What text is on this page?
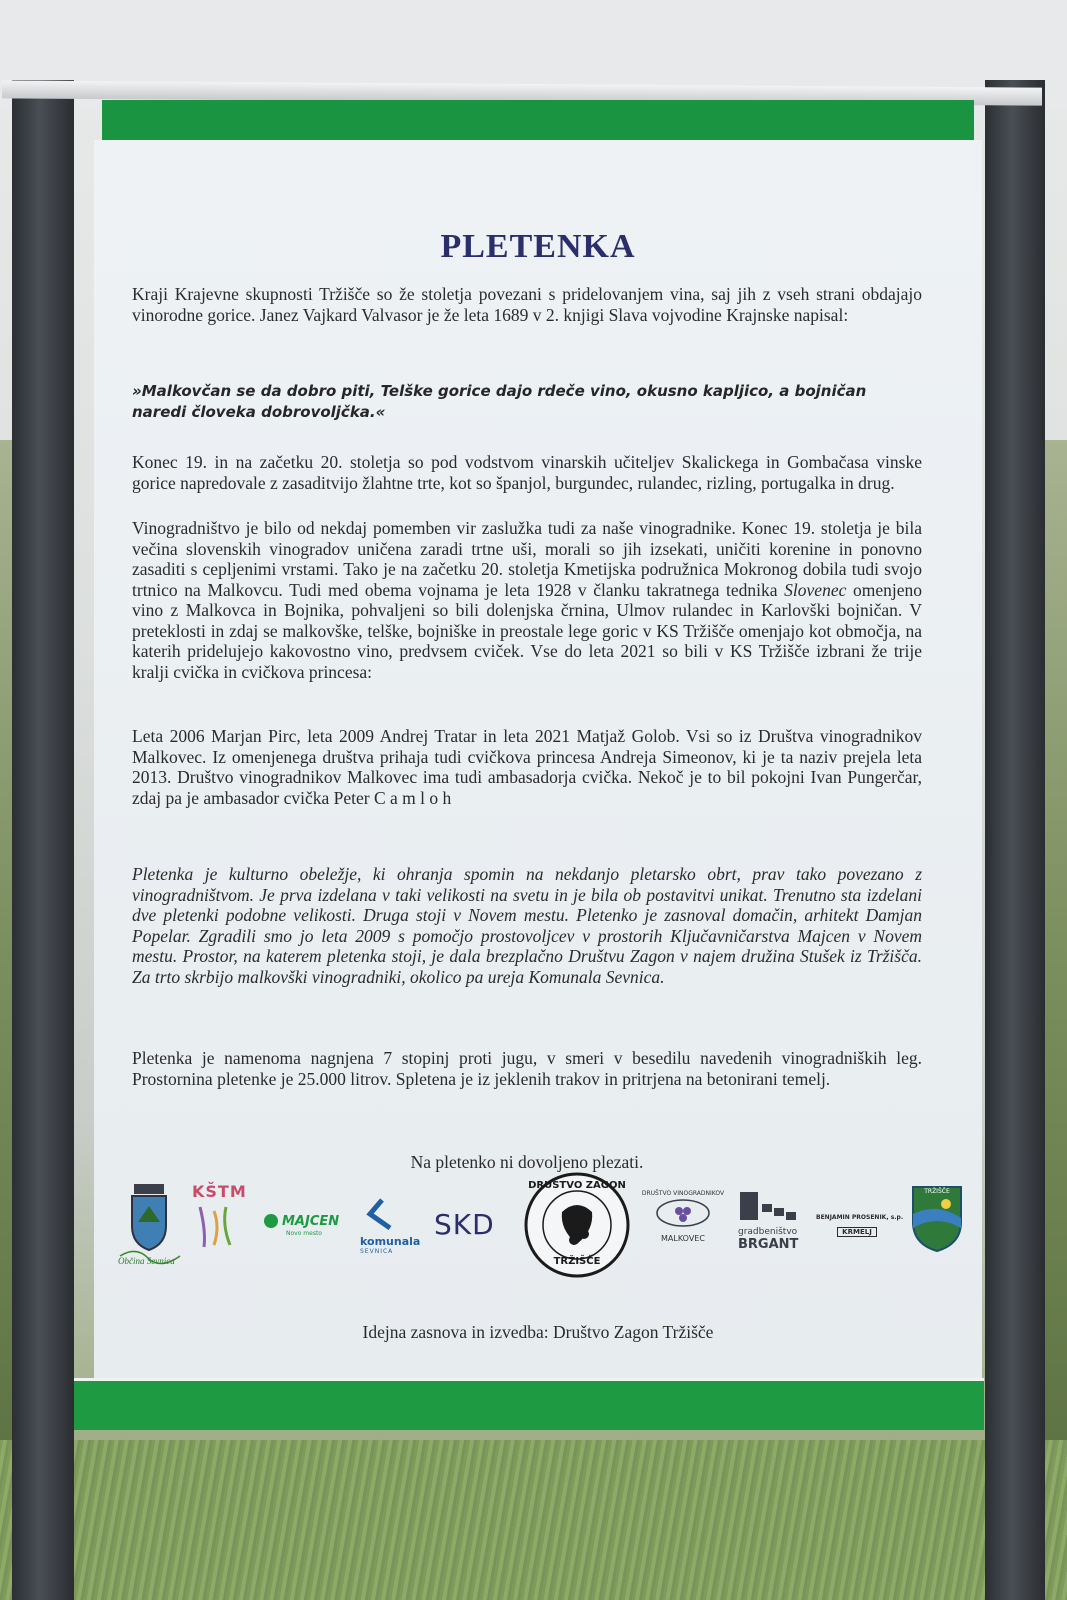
PLETENKA
Kraji Krajevne skupnosti Tržišče so že stoletja povezani s pridelovanjem vina, saj jih z vseh strani obdajajo vinorodne gorice. Janez Vajkard Valvasor je že leta 1689 v 2. knjigi Slava vojvodine Krajnske napisal:
»Malkovčan se da dobro piti, Telške gorice dajo rdeče vino, okusno kapljico, a bojničan naredi človeka dobrovoljčka.«
Konec 19. in na začetku 20. stoletja so pod vodstvom vinarskih učiteljev Skalickega in Gombačasa vinske gorice napredovale z zasaditvijo žlahtne trte, kot so španjol, burgundec, rulandec, rizling, portugalka in drug.
Vinogradništvo je bilo od nekdaj pomemben vir zaslužka tudi za naše vinogradnike. Konec 19. stoletja je bila večina slovenskih vinogradov uničena zaradi trtne uši, morali so jih izsekati, uničiti korenine in ponovno zasaditi s cepljenimi vrstami. Tako je na začetku 20. stoletja Kmetijska podružnica Mokronog dobila tudi svojo trtnico na Malkovcu. Tudi med obema vojnama je leta 1928 v članku takratnega tednika Slovenec omenjeno vino z Malkovca in Bojnika, pohvaljeni so bili dolenjska črnina, Ulmov rulandec in Karlovški bojničan. V preteklosti in zdaj se malkovške, telške, bojniške in preostale lege goric v KS Tržišče omenjajo kot območja, na katerih pridelujejo kakovostno vino, predvsem cviček. Vse do leta 2021 so bili v KS Tržišče izbrani že trije kralji cvička in cvičkova princesa:
Leta 2006 Marjan Pirc, leta 2009 Andrej Tratar in leta 2021 Matjaž Golob. Vsi so iz Društva vinogradnikov Malkovec. Iz omenjenega društva prihaja tudi cvičkova princesa Andreja Simeonov, ki je ta naziv prejela leta 2013. Društvo vinogradnikov Malkovec ima tudi ambasadorja cvička. Nekoč je to bil pokojni Ivan Pungerčar, zdaj pa je ambasador cvička Peter C a m l o h
Pletenka je kulturno obeležje, ki ohranja spomin na nekdanjo pletarsko obrt, prav tako povezano z vinogradništvom. Je prva izdelana v taki velikosti na svetu in je bila ob postavitvi unikat. Trenutno sta izdelani dve pletenki podobne velikosti. Druga stoji v Novem mestu. Pletenko je zasnoval domačin, arhitekt Damjan Popelar. Zgradili smo jo leta 2009 s pomočjo prostovoljcev v prostorih Ključavničarstva Majcen v Novem mestu. Prostor, na katerem pletenka stoji, je dala brezplačno Društvu Zagon v najem družina Stušek iz Tržišča. Za trto skrbijo malkovški vinogradniki, okolico pa ureja Komunala Sevnica.
Pletenka je namenoma nagnjena 7 stopinj proti jugu, v smeri v besedilu navedenih vinogradniških leg. Prostornina pletenke je 25.000 litrov. Spletena je iz jeklenih trakov in pritrjena na betonirani temelj.
Na pletenko ni dovoljeno plezati.
Občina Sevnica
KŠTM
MAJCEN
Novo mesto
komunala
SEVNICA
SKD
DRUŠTVO ZAGON
TRŽIŠČE
DRUŠTVO VINOGRADNIKOV
MALKOVEC
gradbeništvo
BRGANT
BENJAMIN PROSENIK, s.p.
KRMELJ
TRŽIŠČE
Idejna zasnova in izvedba: Društvo Zagon Tržišče
